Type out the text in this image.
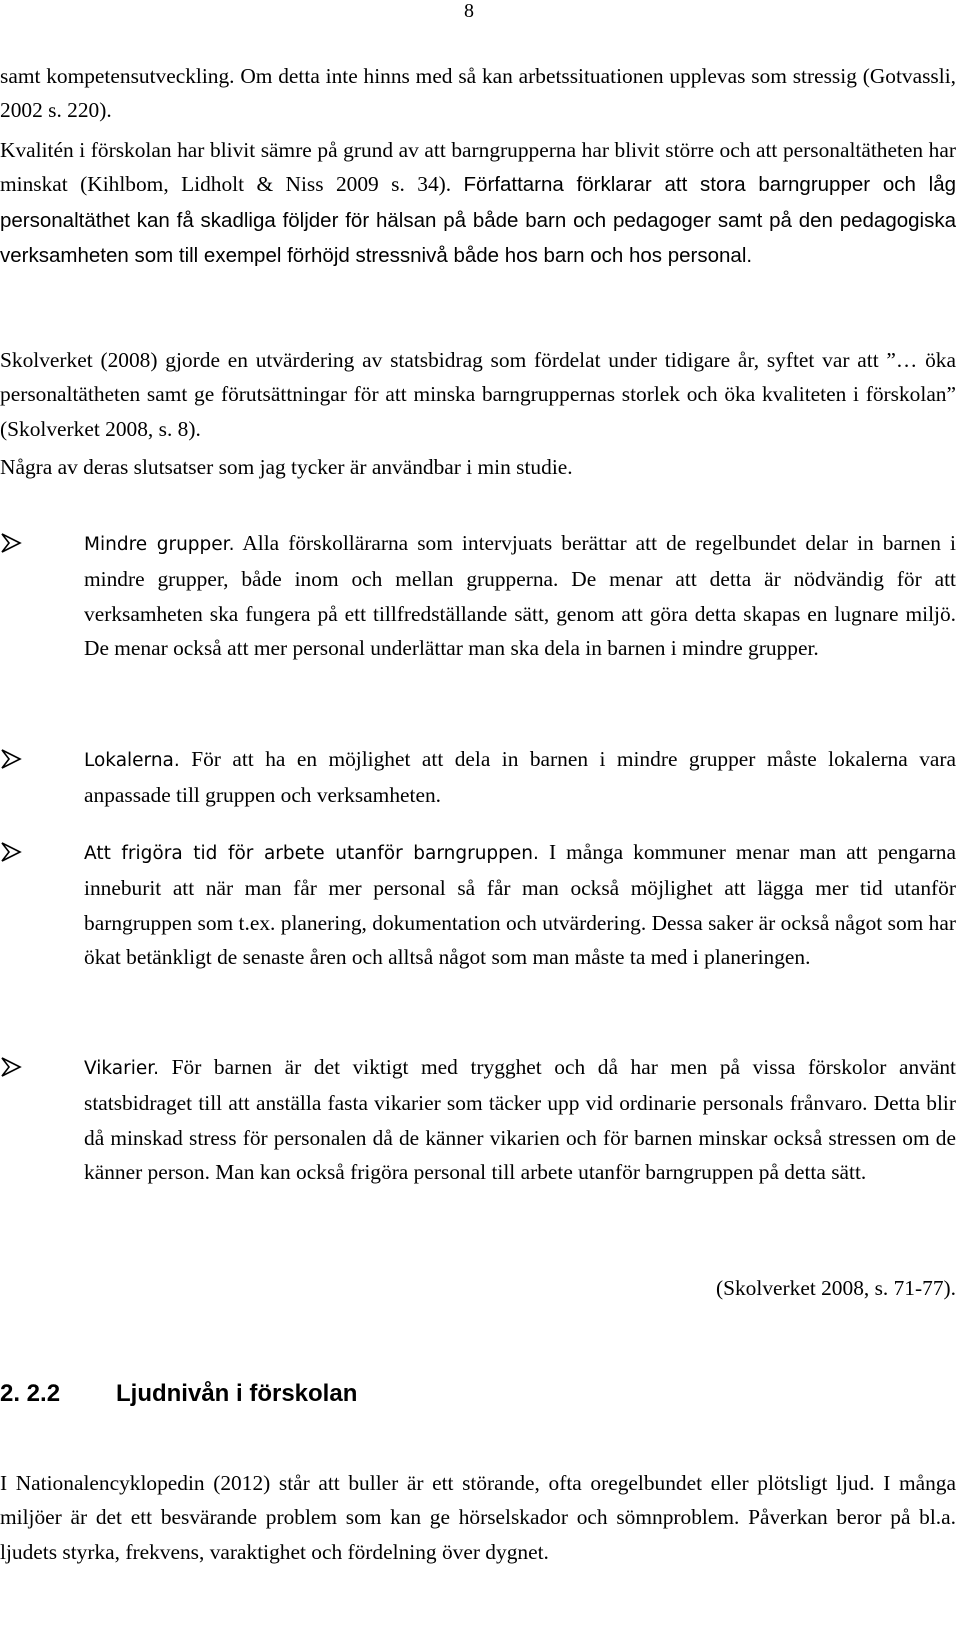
8
samt kompetensutveckling. Om detta inte hinns med så kan arbetssituationen upplevas som stressig (Gotvassli, 2002 s. 220).
Kvalitén i förskolan har blivit sämre på grund av att barngrupperna har blivit större och att personaltätheten har minskat (Kihlbom, Lidholt & Niss 2009 s. 34). Författarna förklarar att stora barngrupper och låg personaltäthet kan få skadliga följder för hälsan på både barn och pedagoger samt på den pedagogiska verksamheten som till exempel förhöjd stressnivå både hos barn och hos personal.
Skolverket (2008) gjorde en utvärdering av statsbidrag som fördelat under tidigare år, syftet var att ”… öka personaltätheten samt ge förutsättningar för att minska barngruppernas storlek och öka kvaliteten i förskolan” (Skolverket 2008, s. 8).
Några av deras slutsatser som jag tycker är användbar i min studie.
Mindre grupper. Alla förskollärarna som intervjuats berättar att de regelbundet delar in barnen i mindre grupper, både inom och mellan grupperna. De menar att detta är nödvändig för att verksamheten ska fungera på ett tillfredställande sätt, genom att göra detta skapas en lugnare miljö. De menar också att mer personal underlättar man ska dela in barnen i mindre grupper.
Lokalerna. För att ha en möjlighet att dela in barnen i mindre grupper måste lokalerna vara anpassade till gruppen och verksamheten.
Att frigöra tid för arbete utanför barngruppen. I många kommuner menar man att pengarna inneburit att när man får mer personal så får man också möjlighet att lägga mer tid utanför barngruppen som t.ex. planering, dokumentation och utvärdering. Dessa saker är också något som har ökat betänkligt de senaste åren och alltså något som man måste ta med i planeringen.
Vikarier. För barnen är det viktigt med trygghet och då har men på vissa förskolor använt statsbidraget till att anställa fasta vikarier som täcker upp vid ordinarie personals frånvaro. Detta blir då minskad stress för personalen då de känner vikarien och för barnen minskar också stressen om de känner person. Man kan också frigöra personal till arbete utanför barngruppen på detta sätt.
(Skolverket 2008, s. 71-77).
2. 2.2 Ljudnivån i förskolan
I Nationalencyklopedin (2012) står att buller är ett störande, ofta oregelbundet eller plötsligt ljud. I många miljöer är det ett besvärande problem som kan ge hörselskador och sömnproblem. Påverkan beror på bl.a. ljudets styrka, frekvens, varaktighet och fördelning över dygnet.
